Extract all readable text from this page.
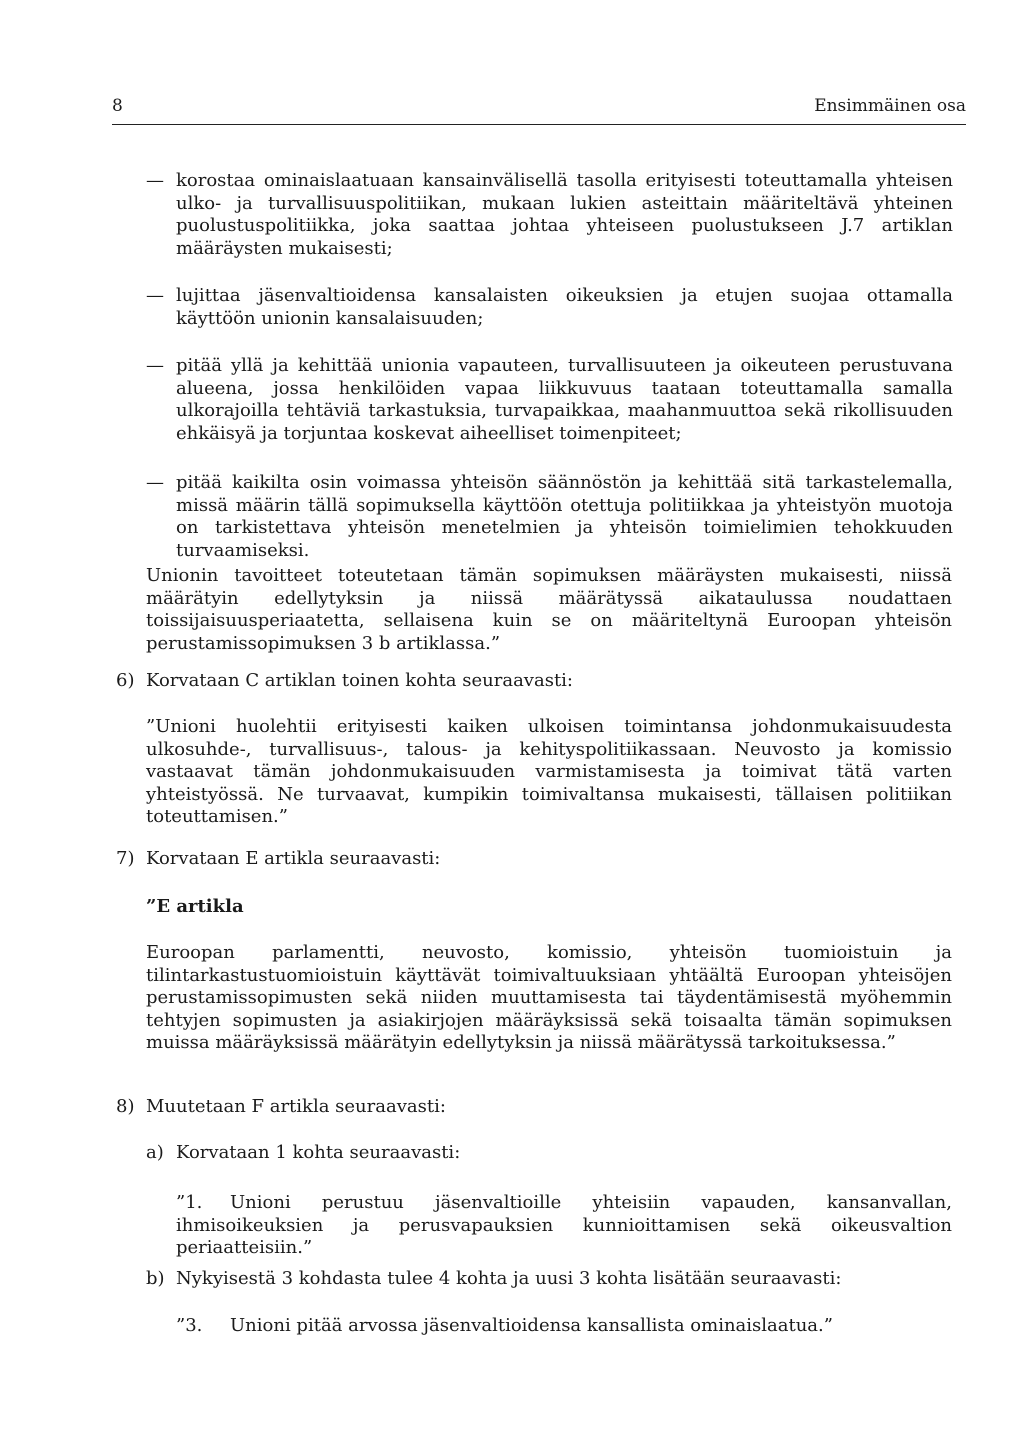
8	Ensimmäinen osa
— korostaa ominaislaatuaan kansainvälisellä tasolla erityisesti toteuttamalla yhteisen ulko- ja turvallisuuspolitiikan, mukaan lukien asteittain määriteltävä yhteinen puolustuspolitiikka, joka saattaa johtaa yhteiseen puolustukseen J.7 artiklan määräysten mukaisesti;
— lujittaa jäsenvaltioidensa kansalaisten oikeuksien ja etujen suojaa ottamalla käyttöön unionin kansalaisuuden;
— pitää yllä ja kehittää unionia vapauteen, turvallisuuteen ja oikeuteen perustuvana alueena, jossa henkilöiden vapaa liikkuvuus taataan toteuttamalla samalla ulkorajoilla tehtäviä tarkastuksia, turvapaikkaa, maahanmuuttoa sekä rikollisuuden ehkäisyä ja torjuntaa koskevat aiheelliset toimenpiteet;
— pitää kaikilta osin voimassa yhteisön säännöstön ja kehittää sitä tarkastelemalla, missä määrin tällä sopimuksella käyttöön otettuja politiikkaa ja yhteistyön muotoja on tarkistettava yhteisön menetelmien ja yhteisön toimielimien tehokkuuden turvaamiseksi.
Unionin tavoitteet toteutetaan tämän sopimuksen määräysten mukaisesti, niissä määrätyin edellytyksin ja niissä määrätyssä aikataulussa noudattaen toissijaisuusperiaatetta, sellaisena kuin se on määriteltynä Euroopan yhteisön perustamissopimuksen 3 b artiklassa.”
6) Korvataan C artiklan toinen kohta seuraavasti:
”Unioni huolehtii erityisesti kaiken ulkoisen toimintansa johdonmukaisuudesta ulkosuhde-, turvallisuus-, talous- ja kehityspolitiikassaan. Neuvosto ja komissio vastaavat tämän johdonmukaisuuden varmistamisesta ja toimivat tätä varten yhteistyössä. Ne turvaavat, kumpikin toimivaltansa mukaisesti, tällaisen politiikan toteuttamisen.”
7) Korvataan E artikla seuraavasti:
”E artikla
Euroopan parlamentti, neuvosto, komissio, yhteisön tuomioistuin ja tilintarkastustuomioistuin käyttävät toimivaltuuksiaan yhtäältä Euroopan yhteisöjen perustamissopimusten sekä niiden muuttamisesta tai täydentämisestä myöhemmin tehtyjen sopimusten ja asiakirjojen määräyksissä sekä toisaalta tämän sopimuksen muissa määräyksissä määrätyin edellytyksin ja niissä määrätyssä tarkoituksessa.”
8) Muutetaan F artikla seuraavasti:
a) Korvataan 1 kohta seuraavasti:
”1.	Unioni perustuu jäsenvaltioille yhteisiin vapauden, kansanvallan, ihmisoikeuksien ja perusvapauksien kunnioittamisen sekä oikeusvaltion periaatteisiin.”
b) Nykyisestä 3 kohdasta tulee 4 kohta ja uusi 3 kohta lisätään seuraavasti:
”3.	Unioni pitää arvossa jäsenvaltioidensa kansallista ominaislaatua.”
